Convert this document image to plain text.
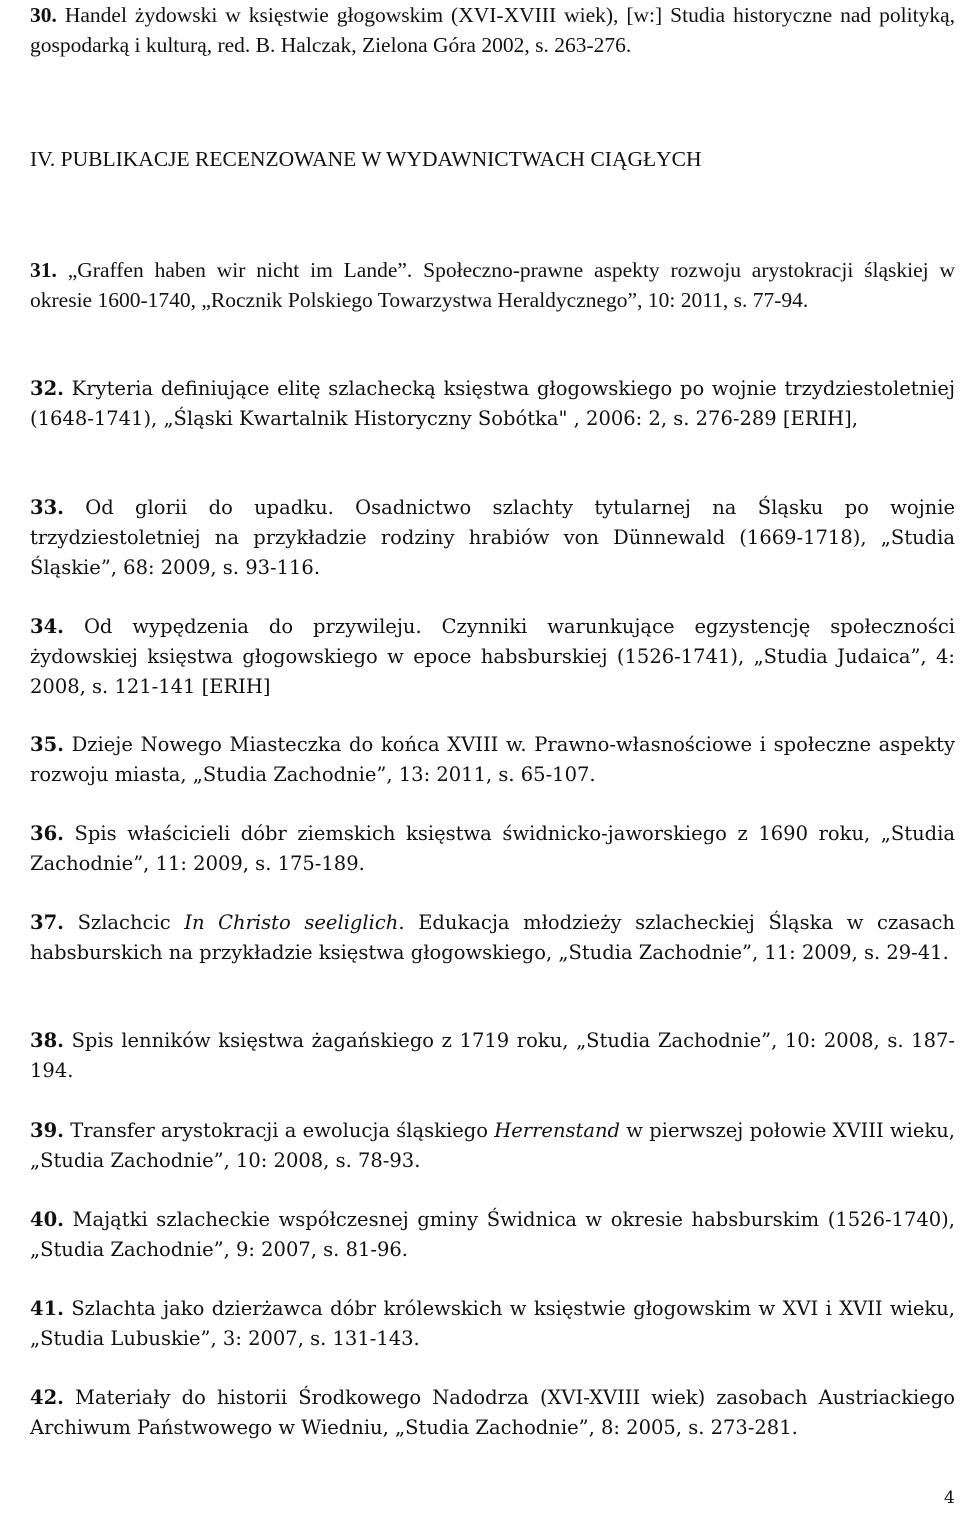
30. Handel żydowski w księstwie głogowskim (XVI-XVIII wiek), [w:] Studia historyczne nad polityką, gospodarką i kulturą, red. B. Halczak, Zielona Góra 2002, s. 263-276.
IV. PUBLIKACJE RECENZOWANE W WYDAWNICTWACH CIĄGŁYCH
31. „Graffen haben wir nicht im Lande”. Społeczno-prawne aspekty rozwoju arystokracji śląskiej w okresie 1600-1740, „Rocznik Polskiego Towarzystwa Heraldycznego”, 10: 2011, s. 77-94.
32. Kryteria definiujące elitę szlachecką księstwa głogowskiego po wojnie trzydziestoletniej (1648-1741), „Śląski Kwartalnik Historyczny Sobótka" , 2006: 2, s. 276-289 [ERIH],
33. Od glorii do upadku. Osadnictwo szlachty tytularnej na Śląsku po wojnie trzydziestoletniej na przykładzie rodziny hrabiów von Dünnewald (1669-1718), „Studia Śląskie”, 68: 2009, s. 93-116.
34. Od wypędzenia do przywileju. Czynniki warunkujące egzystencję społeczności żydowskiej księstwa głogowskiego w epoce habsburskiej (1526-1741), „Studia Judaica”, 4: 2008, s. 121-141 [ERIH]
35. Dzieje Nowego Miasteczka do końca XVIII w. Prawno-własnościowe i społeczne aspekty rozwoju miasta, „Studia Zachodnie”, 13: 2011, s. 65-107.
36. Spis właścicieli dóbr ziemskich księstwa świdnicko-jaworskiego z 1690 roku, „Studia Zachodnie”, 11: 2009, s. 175-189.
37. Szlachcic In Christo seeliglich. Edukacja młodzieży szlacheckiej Śląska w czasach habsburskich na przykładzie księstwa głogowskiego, „Studia Zachodnie”, 11: 2009, s. 29-41.
38. Spis lenników księstwa żagańskiego z 1719 roku, „Studia Zachodnie”, 10: 2008, s. 187- 194.
39. Transfer arystokracji a ewolucja śląskiego Herrenstand w pierwszej połowie XVIII wieku, „Studia Zachodnie”, 10: 2008, s. 78-93.
40. Majątki szlacheckie współczesnej gminy Świdnica w okresie habsburskim (1526-1740), „Studia Zachodnie”, 9: 2007, s. 81-96.
41. Szlachta jako dzierżawca dóbr królewskich w księstwie głogowskim w XVI i XVII wieku, „Studia Lubuskie”, 3: 2007, s. 131-143.
42. Materiały do historii Środkowego Nadodrza (XVI-XVIII wiek) zasobach Austriackiego Archiwum Państwowego w Wiedniu, „Studia Zachodnie”, 8: 2005, s. 273-281.
4
